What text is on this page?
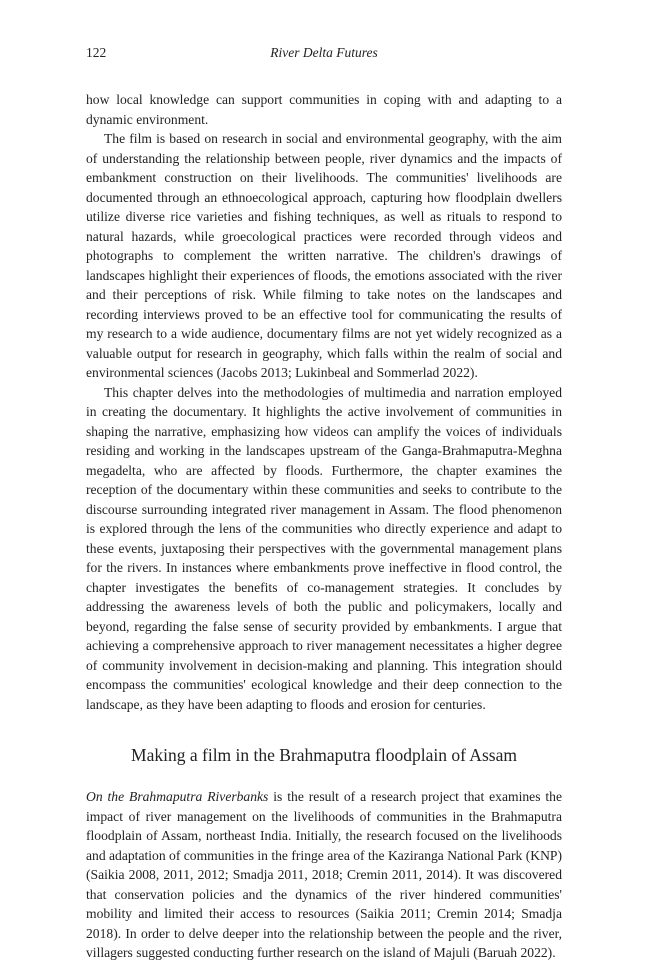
122	River Delta Futures

how local knowledge can support communities in coping with and adapting to a dynamic environment.

The film is based on research in social and environmental geography, with the aim of understanding the relationship between people, river dynamics and the impacts of embankment construction on their livelihoods. The communities' livelihoods are documented through an ethnoecological approach, capturing how floodplain dwellers utilize diverse rice varieties and fishing techniques, as well as rituals to respond to natural hazards, while groecological practices were recorded through videos and photographs to complement the written narrative. The children's drawings of landscapes highlight their experiences of floods, the emotions associated with the river and their perceptions of risk. While filming to take notes on the landscapes and recording interviews proved to be an effective tool for communicating the results of my research to a wide audience, documentary films are not yet widely recognized as a valuable output for research in geography, which falls within the realm of social and environmental sciences (Jacobs 2013; Lukinbeal and Sommerlad 2022).

This chapter delves into the methodologies of multimedia and narration employed in creating the documentary. It highlights the active involvement of communities in shaping the narrative, emphasizing how videos can amplify the voices of individuals residing and working in the landscapes upstream of the Ganga-Brahmaputra-Meghna megadelta, who are affected by floods. Furthermore, the chapter examines the reception of the documentary within these communities and seeks to contribute to the discourse surrounding integrated river management in Assam. The flood phenomenon is explored through the lens of the communities who directly experience and adapt to these events, juxtaposing their perspectives with the governmental management plans for the rivers. In instances where embankments prove ineffective in flood control, the chapter investigates the benefits of co-management strategies. It concludes by addressing the awareness levels of both the public and policymakers, locally and beyond, regarding the false sense of security provided by embankments. I argue that achieving a comprehensive approach to river management necessitates a higher degree of community involvement in decision-making and planning. This integration should encompass the communities' ecological knowledge and their deep connection to the landscape, as they have been adapting to floods and erosion for centuries.

Making a film in the Brahmaputra floodplain of Assam

On the Brahmaputra Riverbanks is the result of a research project that examines the impact of river management on the livelihoods of communities in the Brahmaputra floodplain of Assam, northeast India. Initially, the research focused on the livelihoods and adaptation of communities in the fringe area of the Kaziranga National Park (KNP) (Saikia 2008, 2011, 2012; Smadja 2011, 2018; Cremin 2011, 2014). It was discovered that conservation policies and the dynamics of the river hindered communities' mobility and limited their access to resources (Saikia 2011; Cremin 2014; Smadja 2018). In order to delve deeper into the relationship between the people and the river, villagers suggested conducting further research on the island of Majuli (Baruah 2022).
